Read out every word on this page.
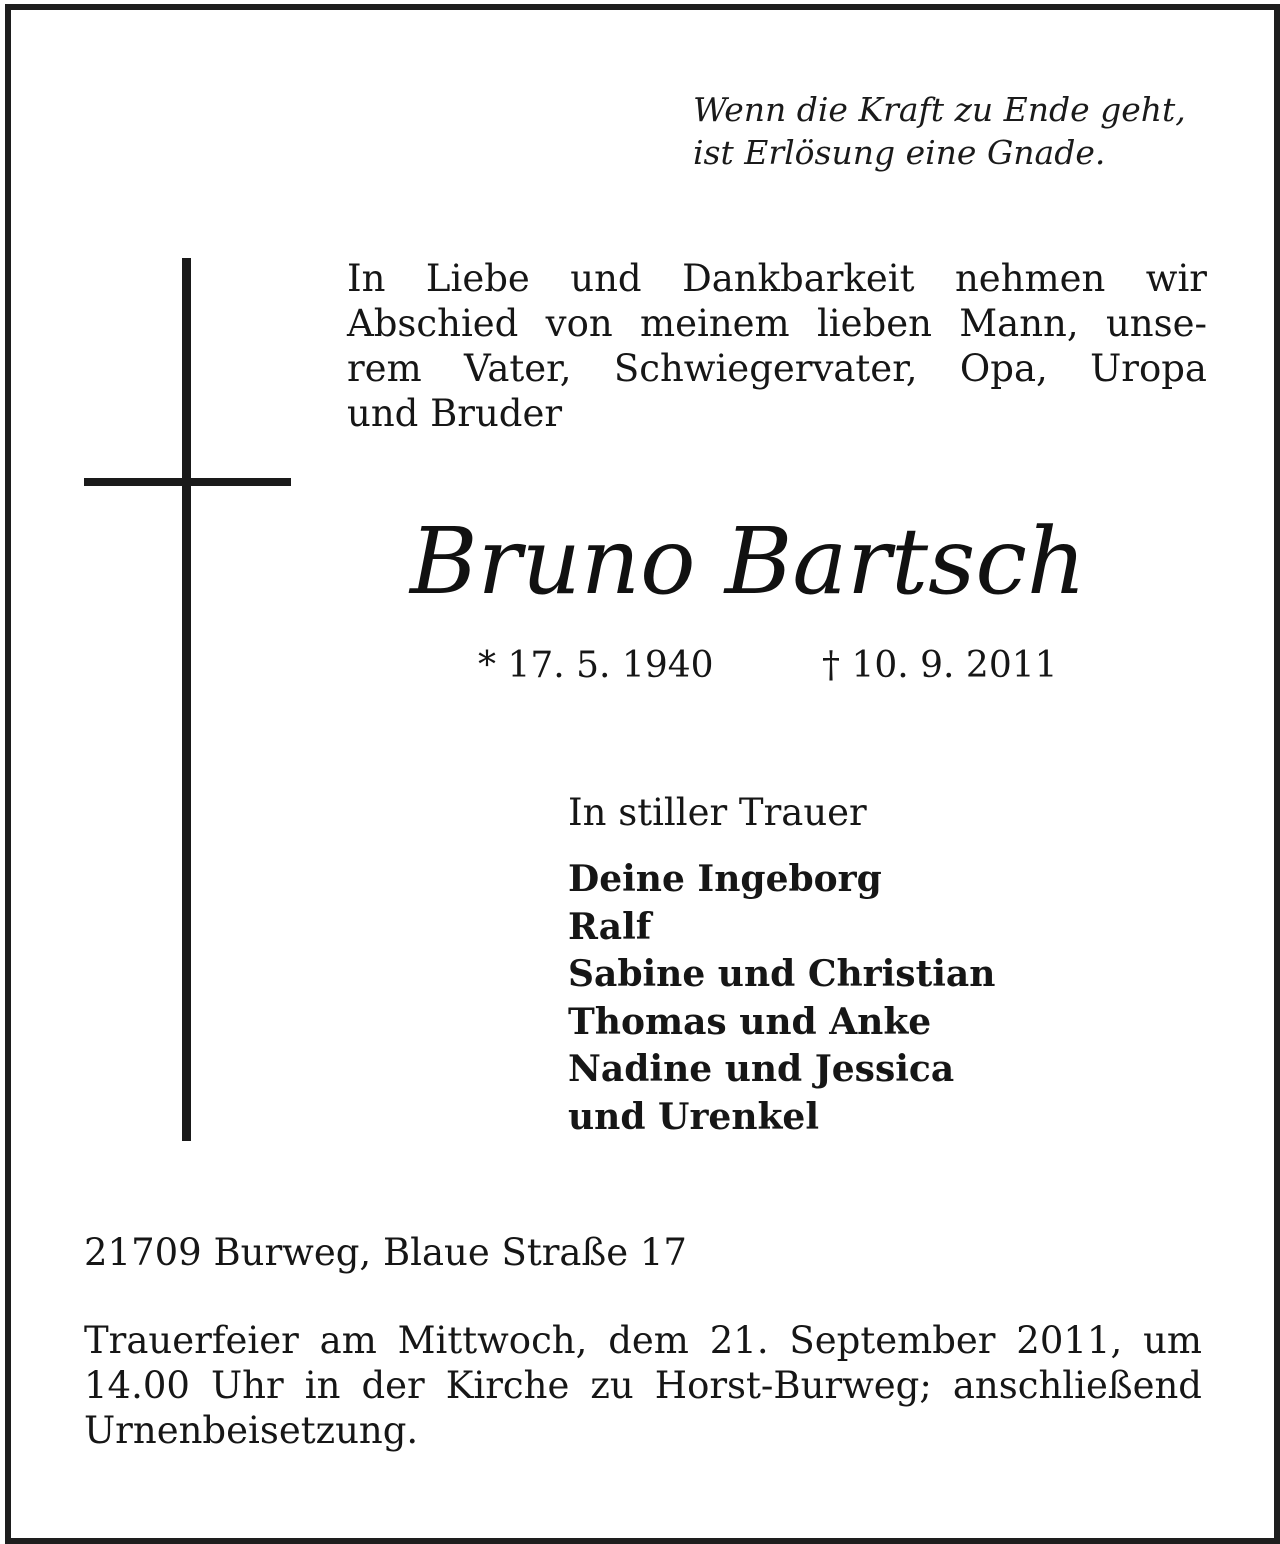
Wenn die Kraft zu Ende geht,
ist Erlösung eine Gnade.
In Liebe und Dankbarkeit nehmen wir
Abschied von meinem lieben Mann, unse-
rem Vater, Schwiegervater, Opa, Uropa
und Bruder
Bruno Bartsch
* 17. 5. 1940	† 10. 9. 2011
In stiller Trauer
Deine Ingeborg
Ralf
Sabine und Christian
Thomas und Anke
Nadine und Jessica
und Urenkel
21709 Burweg, Blaue Straße 17
Trauerfeier am Mittwoch, dem 21. September 2011, um
14.00 Uhr in der Kirche zu Horst-Burweg; anschließend
Urnenbeisetzung.
